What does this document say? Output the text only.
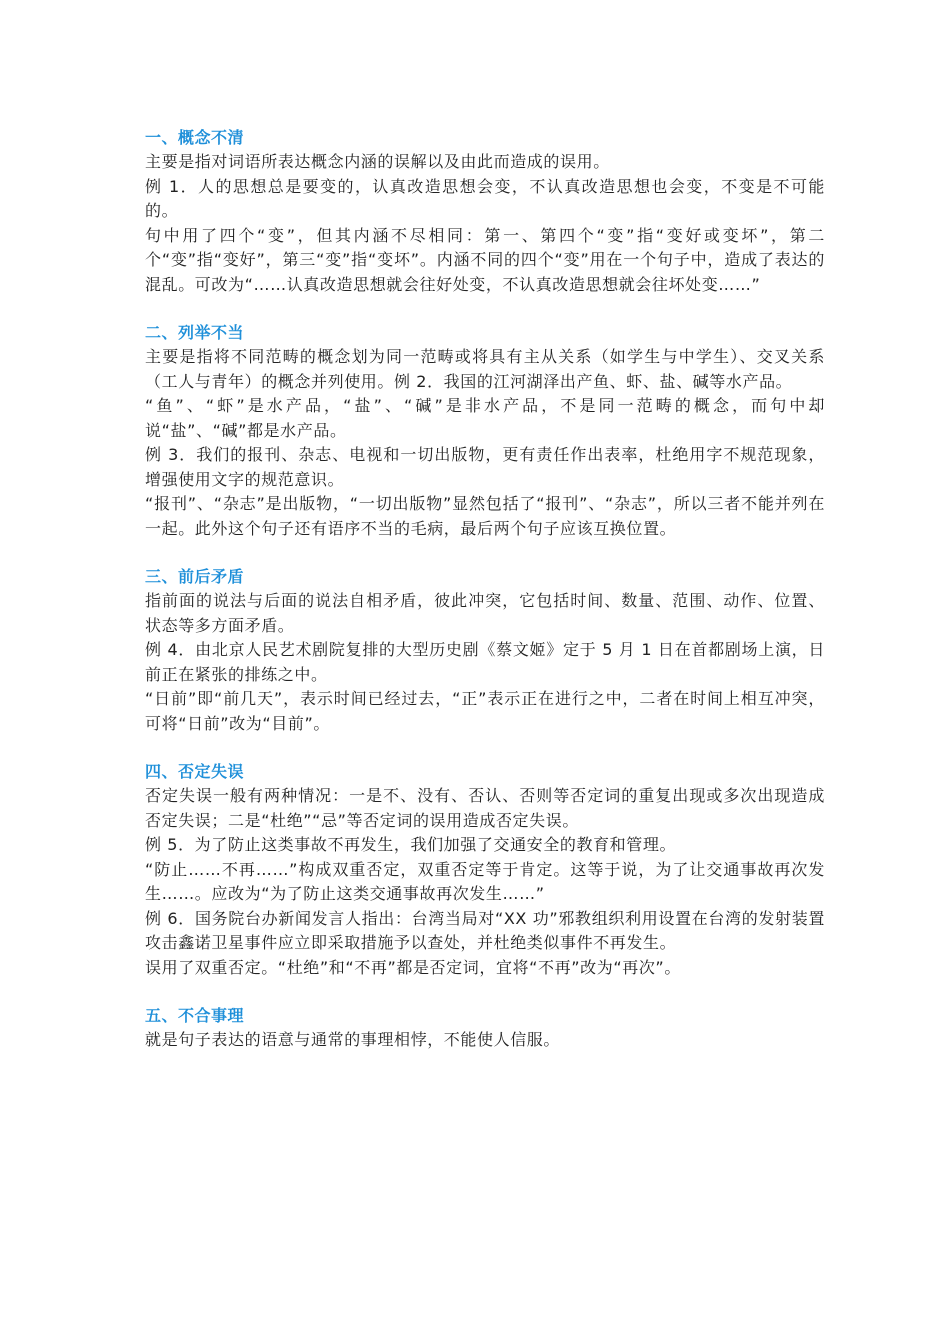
一、概念不清

主要是指对词语所表达概念内涵的误解以及由此而造成的误用。

例 1．人的思想总是要变的，认真改造思想会变，不认真改造思想也会变，不变是不可能的。

句中用了四个“变”，但其内涵不尽相同：第一、第四个“变”指“变好或变坏”，第二个“变”指“变好”，第三“变”指“变坏”。内涵不同的四个“变”用在一个句子中，造成了表达的混乱。可改为“……认真改造思想就会往好处变，不认真改造思想就会往坏处变……”

二、列举不当

主要是指将不同范畴的概念划为同一范畴或将具有主从关系（如学生与中学生）、交叉关系（工人与青年）的概念并列使用。例 2．我国的江河湖泽出产鱼、虾、盐、碱等水产品。

“鱼”、“虾”是水产品，“盐”、“碱”是非水产品，不是同一范畴的概念，而句中却说“盐”、“碱”都是水产品。

例 3．我们的报刊、杂志、电视和一切出版物，更有责任作出表率，杜绝用字不规范现象，增强使用文字的规范意识。

“报刊”、“杂志”是出版物，“一切出版物”显然包括了“报刊”、“杂志”，所以三者不能并列在一起。此外这个句子还有语序不当的毛病，最后两个句子应该互换位置。

三、前后矛盾

指前面的说法与后面的说法自相矛盾，彼此冲突，它包括时间、数量、范围、动作、位置、状态等多方面矛盾。

例 4．由北京人民艺术剧院复排的大型历史剧《蔡文姬》定于 5 月 1 日在首都剧场上演，日前正在紧张的排练之中。

“日前”即“前几天”，表示时间已经过去，“正”表示正在进行之中，二者在时间上相互冲突，可将“日前”改为“目前”。

四、否定失误

否定失误一般有两种情况：一是不、没有、否认、否则等否定词的重复出现或多次出现造成否定失误；二是“杜绝”“忌”等否定词的误用造成否定失误。

例 5．为了防止这类事故不再发生，我们加强了交通安全的教育和管理。

“防止……不再……”构成双重否定，双重否定等于肯定。这等于说，为了让交通事故再次发生……。应改为“为了防止这类交通事故再次发生……”

例 6．国务院台办新闻发言人指出：台湾当局对“XX 功”邪教组织利用设置在台湾的发射装置攻击鑫诺卫星事件应立即采取措施予以查处，并杜绝类似事件不再发生。

误用了双重否定。“杜绝”和“不再”都是否定词，宜将“不再”改为“再次”。

五、不合事理

就是句子表达的语意与通常的事理相悖，不能使人信服。
